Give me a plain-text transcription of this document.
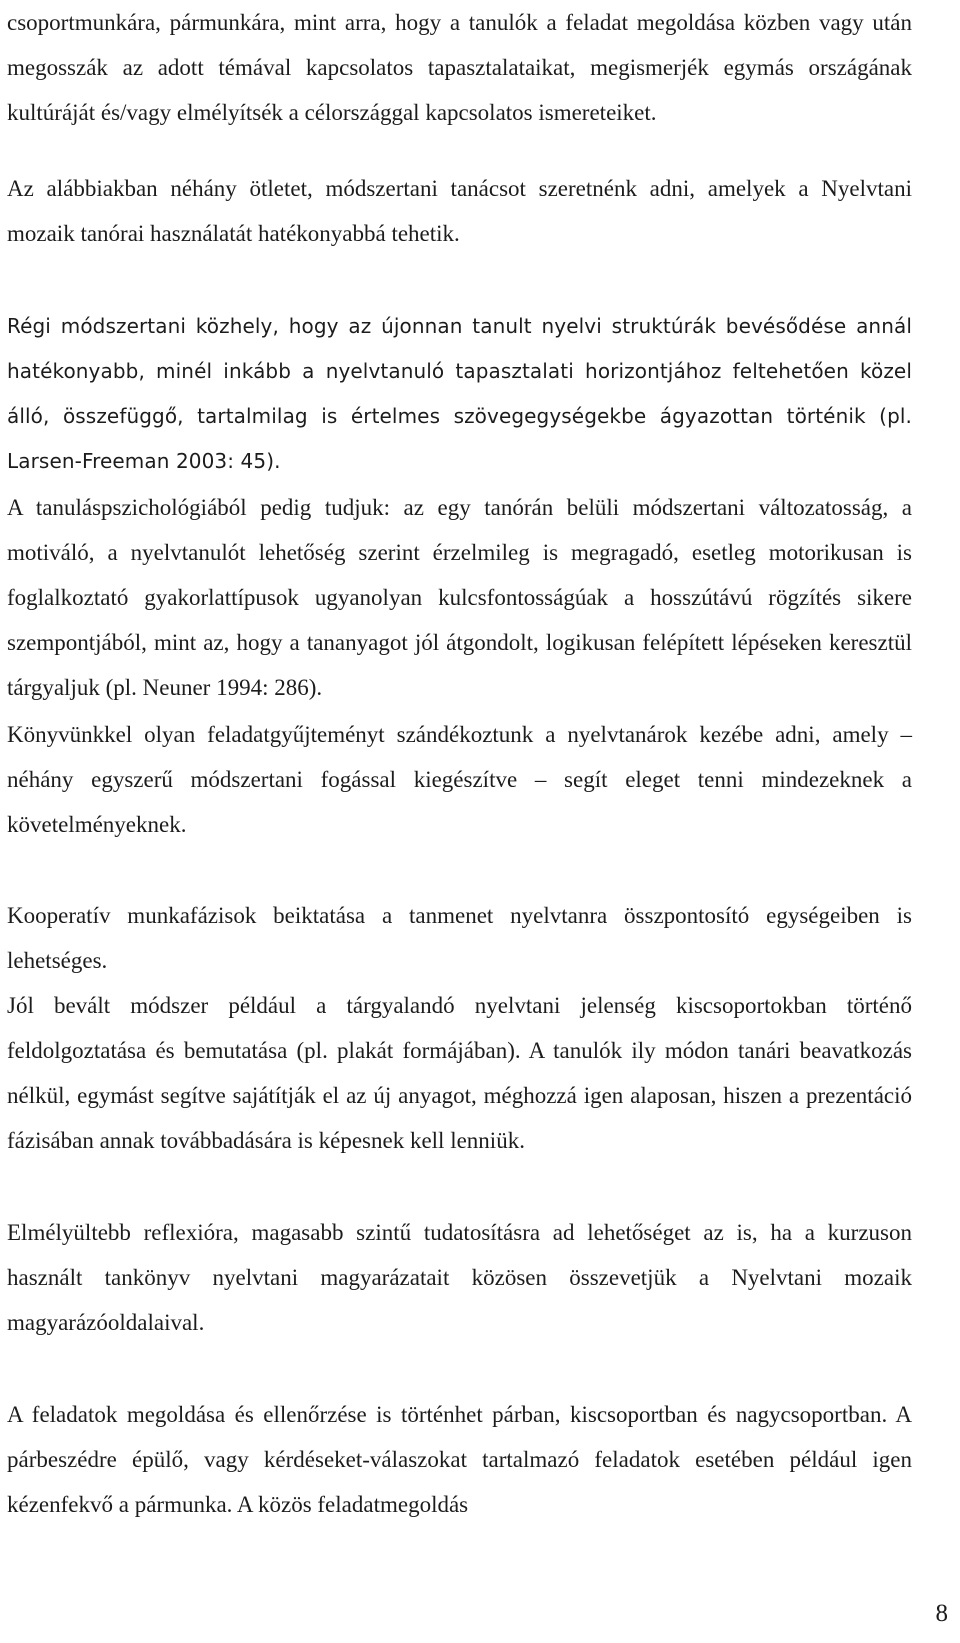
csoportmunkára, pármunkára, mint arra, hogy a tanulók a feladat megoldása közben vagy után megosszák az adott témával kapcsolatos tapasztalataikat, megismerjék egymás országának kultúráját és/vagy elmélyítsék a célországgal kapcsolatos ismereteiket.

Az alábbiakban néhány ötletet, módszertani tanácsot szeretnénk adni, amelyek a Nyelvtani mozaik tanórai használatát hatékonyabbá tehetik.

Régi módszertani közhely, hogy az újonnan tanult nyelvi struktúrák bevésődése annál hatékonyabb, minél inkább a nyelvtanuló tapasztalati horizontjához feltehetően közel álló, összefüggő, tartalmilag is értelmes szövegegységekbe ágyazottan történik (pl. Larsen-Freeman 2003: 45).

A tanuláspszichológiából pedig tudjuk: az egy tanórán belüli módszertani változatosság, a motiváló, a nyelvtanulót lehetőség szerint érzelmileg is megragadó, esetleg motorikusan is foglalkoztató gyakorlattípusok ugyanolyan kulcsfontosságúak a hosszútávú rögzítés sikere szempontjából, mint az, hogy a tananyagot jól átgondolt, logikusan felépített lépéseken keresztül tárgyaljuk (pl. Neuner 1994: 286).

Könyvünkkel olyan feladatgyűjteményt szándékoztunk a nyelvtanárok kezébe adni, amely – néhány egyszerű módszertani fogással kiegészítve – segít eleget tenni mindezeknek a követelményeknek.

Kooperatív munkafázisok beiktatása a tanmenet nyelvtanra összpontosító egységeiben is lehetséges.

Jól bevált módszer például a tárgyalandó nyelvtani jelenség kiscsoportokban történő feldolgoztatása és bemutatása (pl. plakát formájában). A tanulók ily módon tanári beavatkozás nélkül, egymást segítve sajátítják el az új anyagot, méghozzá igen alaposan, hiszen a prezentáció fázisában annak továbbadására is képesnek kell lenniük.

Elmélyültebb reflexióra, magasabb szintű tudatosításra ad lehetőséget az is, ha a kurzuson használt tankönyv nyelvtani magyarázatait közösen összevetjük a Nyelvtani mozaik magyarázóoldalaival.

A feladatok megoldása és ellenőrzése is történhet párban, kiscsoportban és nagycsoportban. A párbeszédre épülő, vagy kérdéseket-válaszokat tartalmazó feladatok esetében például igen kézenfekvő a pármunka. A közös feladatmegoldás

8
